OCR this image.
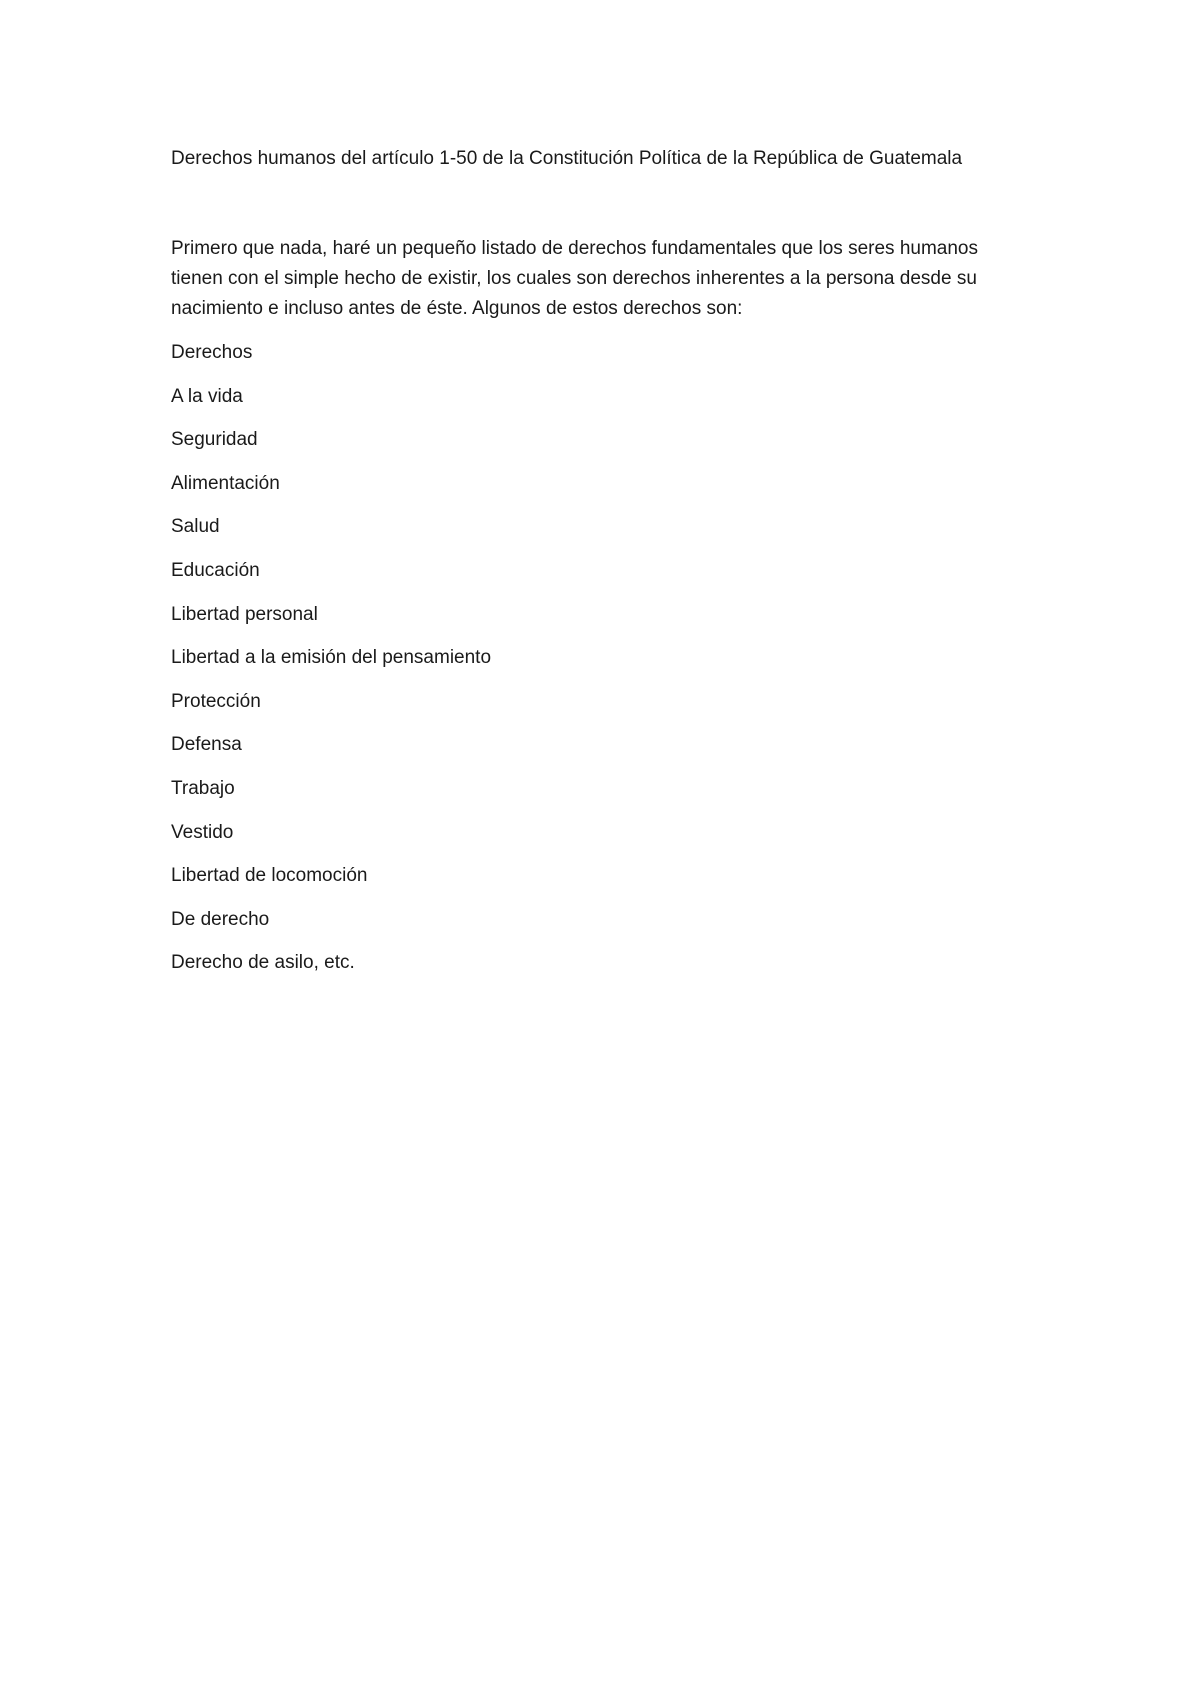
Derechos humanos del artículo 1-50 de la Constitución Política de la República de Guatemala

Primero que nada, haré un pequeño listado de derechos fundamentales que los seres humanos
tienen con el simple hecho de existir, los cuales son derechos inherentes a la persona desde su
nacimiento e incluso antes de éste. Algunos de estos derechos son:

Derechos
A la vida
Seguridad
Alimentación
Salud
Educación
Libertad personal
Libertad a la emisión del pensamiento
Protección
Defensa
Trabajo
Vestido
Libertad de locomoción
De derecho
Derecho de asilo, etc.
